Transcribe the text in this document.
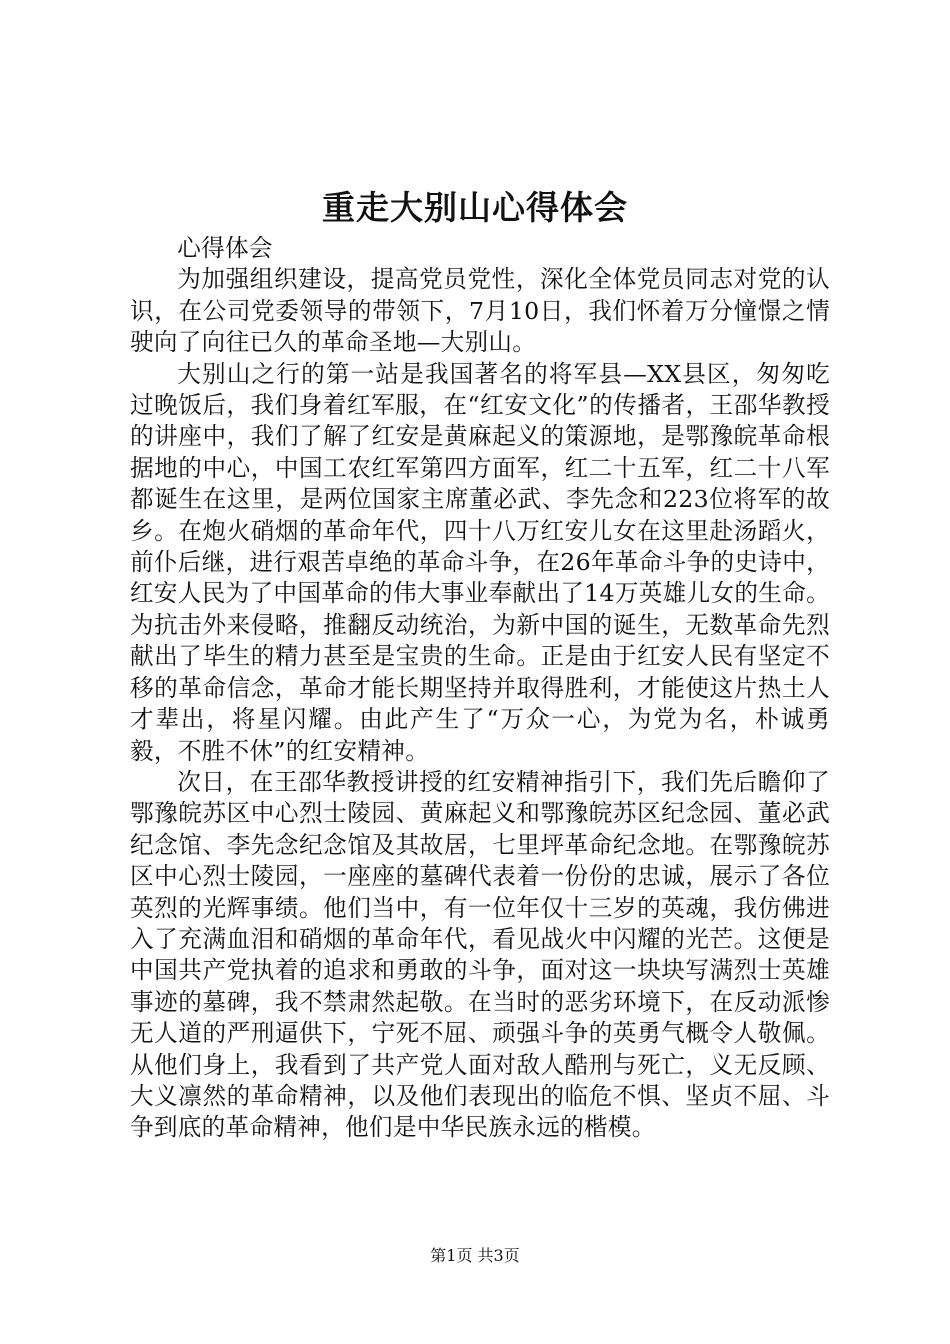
重走大别山心得体会

心得体会

为加强组织建设，提高党员党性，深化全体党员同志对党的认识，在公司党委领导的带领下，7月10日，我们怀着万分憧憬之情驶向了向往已久的革命圣地—大别山。

大别山之行的第一站是我国著名的将军县—XX县区，匆匆吃过晚饭后，我们身着红军服，在“红安文化”的传播者，王邵华教授的讲座中，我们了解了红安是黄麻起义的策源地，是鄂豫皖革命根据地的中心，中国工农红军第四方面军，红二十五军，红二十八军都诞生在这里，是两位国家主席董必武、李先念和223位将军的故乡。在炮火硝烟的革命年代，四十八万红安儿女在这里赴汤蹈火，前仆后继，进行艰苦卓绝的革命斗争，在26年革命斗争的史诗中，红安人民为了中国革命的伟大事业奉献出了14万英雄儿女的生命。为抗击外来侵略，推翻反动统治，为新中国的诞生，无数革命先烈献出了毕生的精力甚至是宝贵的生命。正是由于红安人民有坚定不移的革命信念，革命才能长期坚持并取得胜利，才能使这片热土人才辈出，将星闪耀。由此产生了“万众一心，为党为名，朴诚勇毅，不胜不休”的红安精神。

次日，在王邵华教授讲授的红安精神指引下，我们先后瞻仰了鄂豫皖苏区中心烈士陵园、黄麻起义和鄂豫皖苏区纪念园、董必武纪念馆、李先念纪念馆及其故居，七里坪革命纪念地。在鄂豫皖苏区中心烈士陵园，一座座的墓碑代表着一份份的忠诚，展示了各位英烈的光辉事绩。他们当中，有一位年仅十三岁的英魂，我仿佛进入了充满血泪和硝烟的革命年代，看见战火中闪耀的光芒。这便是中国共产党执着的追求和勇敢的斗争，面对这一块块写满烈士英雄事迹的墓碑，我不禁肃然起敬。在当时的恶劣环境下，在反动派惨无人道的严刑逼供下，宁死不屈、顽强斗争的英勇气概令人敬佩。从他们身上，我看到了共产党人面对敌人酷刑与死亡，义无反顾、大义凛然的革命精神，以及他们表现出的临危不惧、坚贞不屈、斗争到底的革命精神，他们是中华民族永远的楷模。

第1页 共3页
